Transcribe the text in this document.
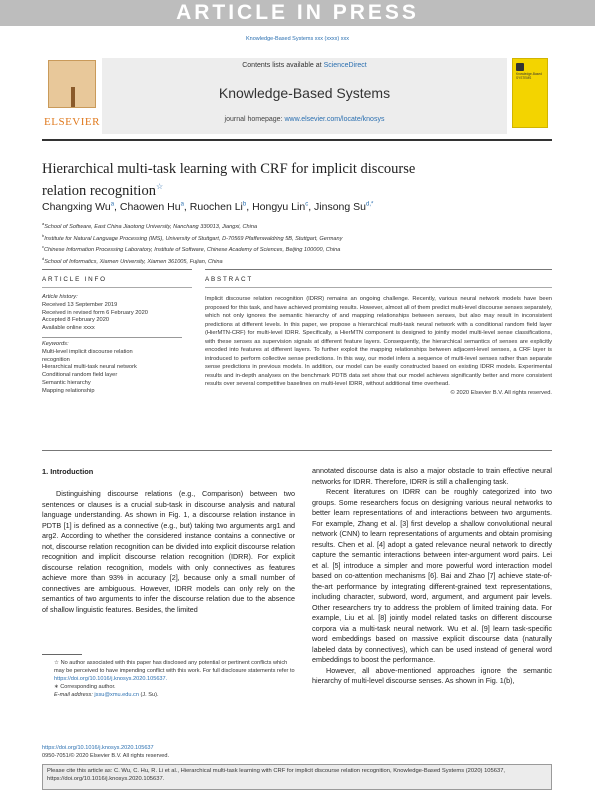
ARTICLE IN PRESS
Knowledge-Based Systems xxx (xxxx) xxx
ELSEVIER
Contents lists available at ScienceDirect
Knowledge-Based Systems
journal homepage: www.elsevier.com/locate/knosys
Knowledge-Based SYSTEMS
Hierarchical multi-task learning with CRF for implicit discourse relation recognition☆
Changxing Wu$^a$, Chaowen Hu$^a$, Ruochen Li$^b$, Hongyu Lin$^c$, Jinsong $Su^{d,*}$
$^a$School of Software, East China Jiaotong University, Nanchang 330013, Jiangxi, China
$^b$Institute for Natural Language Processing (IMS), University of Stuttgart, D-70569 Pfaffenwaldring 5B, Stuttgart, Germany
$^c$Chinese Information Processing Laboratory, Institute of Software, Chinese Academy of Sciences, Beijing 100000, China
$^d$School of Informatics, Xiamen University, Xiamen 361005, Fujian, China
ARTICLE INFO	ABSTRACT
Article history:
Received 13 September 2019
Received in revised form 6 February 2020
Accepted 8 February 2020
Available online xxxx
Keywords:
Multi-level implicit discourse relation
recognition
Hierarchical multi-task neural network
Conditional random field layer
Semantic hierarchy
Mapping relationship
Implicit discourse relation recognition (IDRR) remains an ongoing challenge. Recently, various neural network models have been proposed for this task, and have achieved promising results. However, almost all of them predict multi-level discourse senses separately, which not only ignores the semantic hierarchy of and mapping relationships between senses, but also may result in inconsistent predictions at different levels. In this paper, we propose a hierarchical multi-task neural network with a conditional random field layer (HierMTN-CRF) for multi-level IDRR. Specifically, a HierMTN component is designed to jointly model multi-level sense classifications, with these senses as supervision signals at different feature layers. Consequently, the hierarchical semantics of senses are explicitly encoded into features at different layers. To further exploit the mapping relationships between adjacent-level senses, a CRF layer is introduced to perform collective sense predictions. In this way, our model infers a sequence of multi-level senses rather than separate sense predictions in previous models. In addition, our model can be easily constructed based on existing IDRR models. Experimental results and in-depth analyses on the benchmark PDTB data set show that our model achieves significantly better and more consistent results over several competitive baselines on multi-level IDRR, without additional time overhead.
© 2020 Elsevier B.V. All rights reserved.
1. Introduction

Distinguishing discourse relations (e.g., Comparison) between two sentences or clauses is a crucial sub-task in discourse analysis and natural language understanding. As shown in Fig. 1, a discourse relation instance in PDTB [1] is defined as a connective (e.g., but) taking two arguments arg1 and arg2. According to whether the considered instance contains a connective or not, discourse relation recognition can be divided into explicit discourse relation recognition and implicit discourse relation recognition (IDRR). For explicit discourse relation recognition, models with only connectives as features achieve more than 93% in accuracy [2], because only a small number of connectives are ambiguous. However, IDRR models can only rely on the semantics of two arguments to infer the discourse relation due to the absence of shallow linguistic features. Besides, the limited

annotated discourse data is also a major obstacle to train effective neural networks for IDRR. Therefore, IDRR is still a challenging task.

Recent literatures on IDRR can be roughly categorized into two groups. Some researchers focus on designing various neural networks to better learn representations of and interactions between two arguments. For example, Zhang et al. [3] first develop a shallow convolutional neural network (CNN) to learn representations of arguments and obtain promising results. Chen et al. [4] adopt a gated relevance neural network to directly capture the semantic interactions between inter-argument word pairs. Lei et al. [5] introduce a simpler and more powerful word interaction model based on co-attention mechanisms [6]. Bai and Zhao [7] achieve state-of-the-art performance by integrating different-grained text representations, including character, subword, word, argument, and argument pair levels. Other researchers try to address the problem of limited training data. For example, Liu et al. [8] jointly model related tasks on different discourse corpora via a multi-task neural network. Wu et al. [9] learn task-specific word embeddings based on massive explicit discourse data (naturally labeled data by connectives), which can be used instead of general word embeddings to boost the performance.

However, all above-mentioned approaches ignore the semantic hierarchy of multi-level discourse senses. As shown in Fig. 1(b),

☆ No author associated with this paper has disclosed any potential or pertinent conflicts which may be perceived to have impending conflict with this work. For full disclosure statements refer to https://doi.org/10.1016/j.knosys.2020.105637.
∗ Corresponding author.
E-mail address: jssu@xmu.edu.cn (J. Su).
https://doi.org/10.1016/j.knosys.2020.105637
0950-7051/© 2020 Elsevier B.V. All rights reserved.
Please cite this article as: C. Wu, C. Hu, R. Li et al., Hierarchical multi-task learning with CRF for implicit discourse relation recognition, Knowledge-Based Systems (2020) 105637, https://doi.org/10.1016/j.knosys.2020.105637.
